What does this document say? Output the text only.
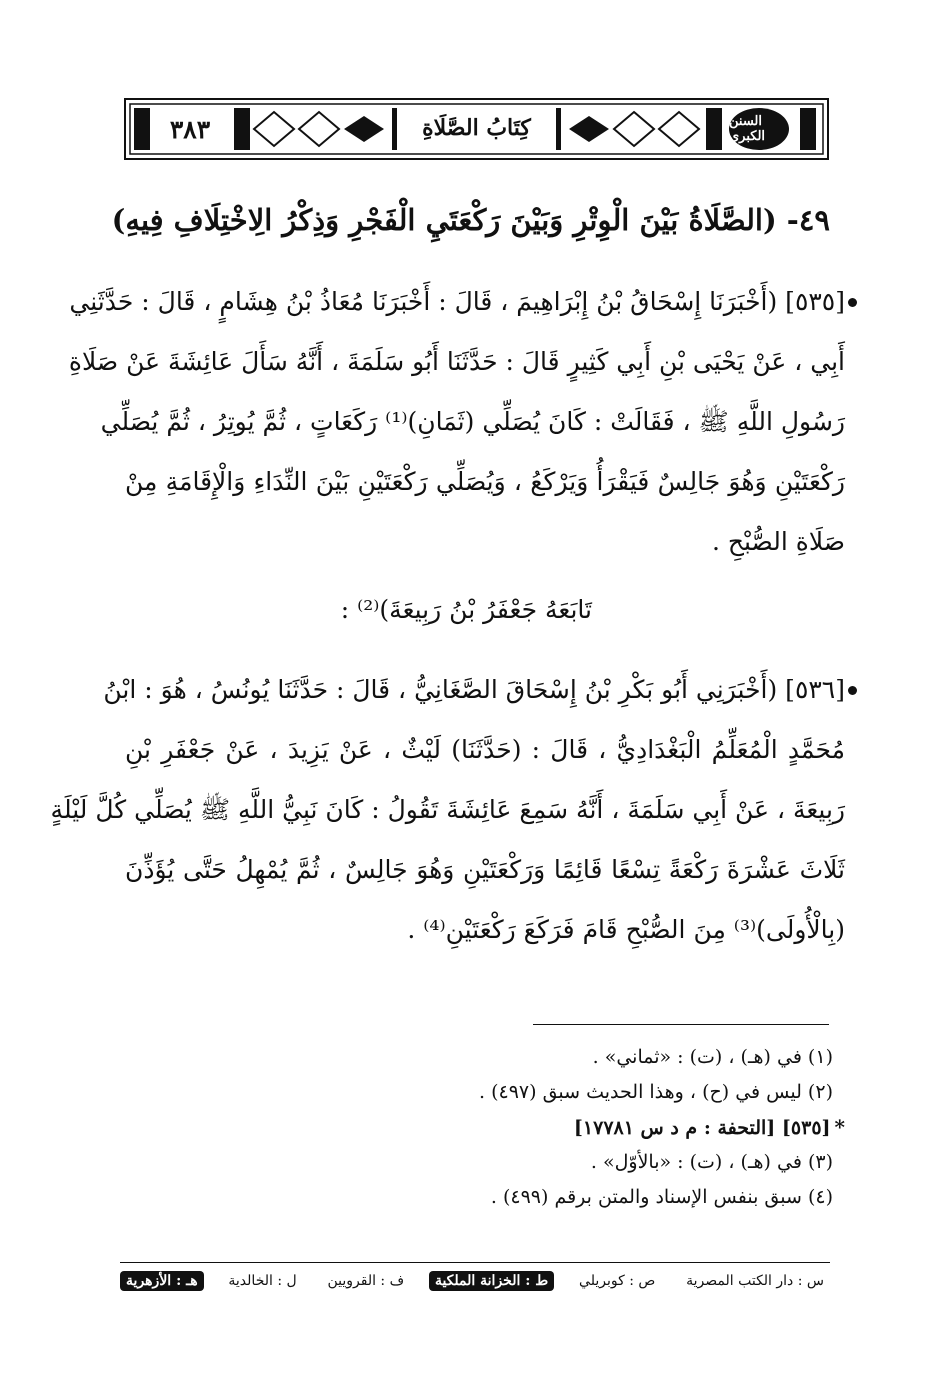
٣٨٣	كِتَابُ الصَّلَاةِ	السنن الكبرى
٤٩- (الصَّلَاةُ بَيْنَ الْوِتْرِ وَبَيْنَ رَكْعَتَيِ الْفَجْرِ وَذِكْرُ الِاخْتِلَافِ فِيهِ)
[٥٣٥] (أَخْبَرَنَا إِسْحَاقُ بْنُ إِبْرَاهِيمَ ، قَالَ : أَخْبَرَنَا مُعَاذُ بْنُ هِشَامٍ ، قَالَ : حَدَّثَنِي
أَبِي ، عَنْ يَحْيَى بْنِ أَبِي كَثِيرٍ قَالَ : حَدَّثَنَا أَبُو سَلَمَةَ ، أَنَّهُ سَأَلَ عَائِشَةَ عَنْ صَلَاةِ
رَسُولِ اللَّهِ ﷺ ، فَقَالَتْ : كَانَ يُصَلِّي (ثَمَانِ)⁽¹⁾ رَكَعَاتٍ ، ثُمَّ يُوتِرُ ، ثُمَّ يُصَلِّي
رَكْعَتَيْنِ وَهُوَ جَالِسٌ فَيَقْرَأُ وَيَرْكَعُ ، وَيُصَلِّي رَكْعَتَيْنِ بَيْنَ النِّدَاءِ وَالْإِقَامَةِ مِنْ
صَلَاةِ الصُّبْحِ .
تَابَعَهُ جَعْفَرُ بْنُ رَبِيعَةَ)⁽²⁾ :
[٥٣٦] (أَخْبَرَنِي أَبُو بَكْرِ بْنُ إِسْحَاقَ الصَّغَانِيُّ ، قَالَ : حَدَّثَنَا يُونُسُ ، هُوَ : ابْنُ
مُحَمَّدٍ الْمُعَلِّمُ الْبَغْدَادِيُّ ، قَالَ : (حَدَّثَنَا) لَيْثٌ ، عَنْ يَزِيدَ ، عَنْ جَعْفَرِ بْنِ
رَبِيعَةَ ، عَنْ أَبِي سَلَمَةَ ، أَنَّهُ سَمِعَ عَائِشَةَ تَقُولُ : كَانَ نَبِيُّ اللَّهِ ﷺ يُصَلِّي كُلَّ لَيْلَةٍ
ثَلَاثَ عَشْرَةَ رَكْعَةً تِسْعًا قَائِمًا وَرَكْعَتَيْنِ وَهُوَ جَالِسٌ ، ثُمَّ يُمْهِلُ حَتَّى يُؤَذِّنَ
(بِالْأُولَى)⁽³⁾ مِنَ الصُّبْحِ قَامَ فَرَكَعَ رَكْعَتَيْنِ⁽⁴⁾ .
(١) في (هـ) ، (ت) : «ثماني» .
(٢) ليس في (ح) ، وهذا الحديث سبق (٤٩٧) .
*[٥٣٥] [التحفة : م د س ١٧٧٨١]
(٣) في (هـ) ، (ت) : «بالأوّل» .
(٤) سبق بنفس الإسناد والمتن برقم (٤٩٩) .
س : دار الكتب المصرية
ص : كوبريلي
ط : الخزانة الملكية
ف : القرويين
ل : الخالدية
هـ : الأزهرية
